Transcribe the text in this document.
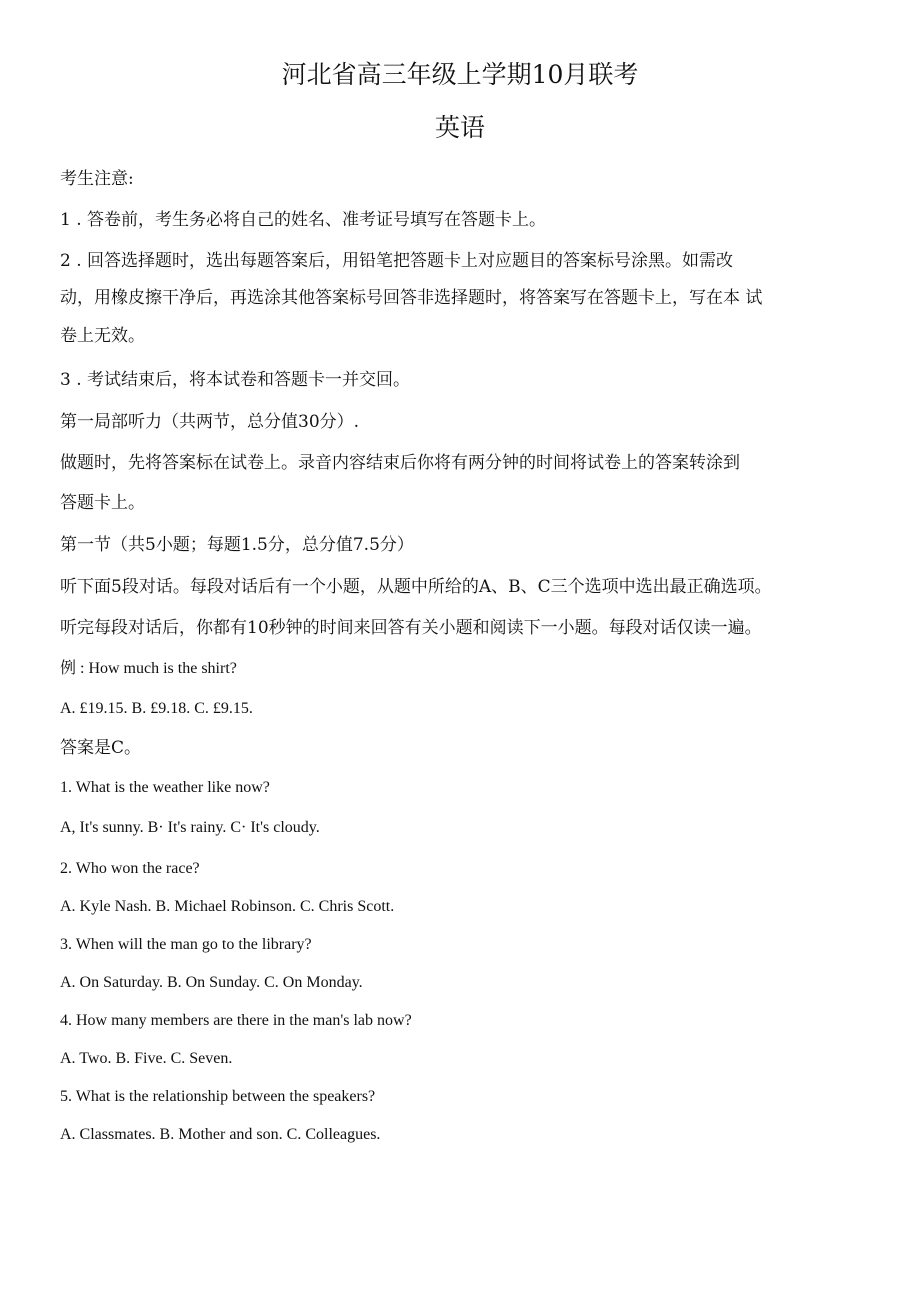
河北省高三年级上学期10月联考
英语
考生注意:
1 . 答卷前，考生务必将自己的姓名、准考证号填写在答题卡上。
2 . 回答选择题时，选出每题答案后，用铅笔把答题卡上对应题目的答案标号涂黑。如需改
动，用橡皮擦干净后，再选涂其他答案标号回答非选择题时，将答案写在答题卡上，写在本 试
卷上无效。
3 . 考试结束后，将本试卷和答题卡一并交回。
第一局部听力（共两节，总分值30分）.
做题时，先将答案标在试卷上。录音内容结束后你将有两分钟的时间将试卷上的答案转涂到
答题卡上。
第一节（共5小题；每题1.5分，总分值7.5分）
听下面5段对话。每段对话后有一个小题，从题中所给的A、B、C三个选项中选出最正确选项。
听完每段对话后，你都有10秒钟的时间来回答有关小题和阅读下一小题。每段对话仅读一遍。
例 : How much is the shirt?
A. £19.15. B. £9.18. C. £9.15.
答案是C。
1. What is the weather like now?
A, It's sunny. B· It's rainy. C· It's cloudy.
2. Who won the race?
A. Kyle Nash. B. Michael Robinson. C. Chris Scott.
3. When will the man go to the library?
A. On Saturday. B. On Sunday. C. On Monday.
4. How many members are there in the man's lab now?
A. Two. B. Five. C. Seven.
5. What is the relationship between the speakers?
A. Classmates. B. Mother and son. C. Colleagues.
